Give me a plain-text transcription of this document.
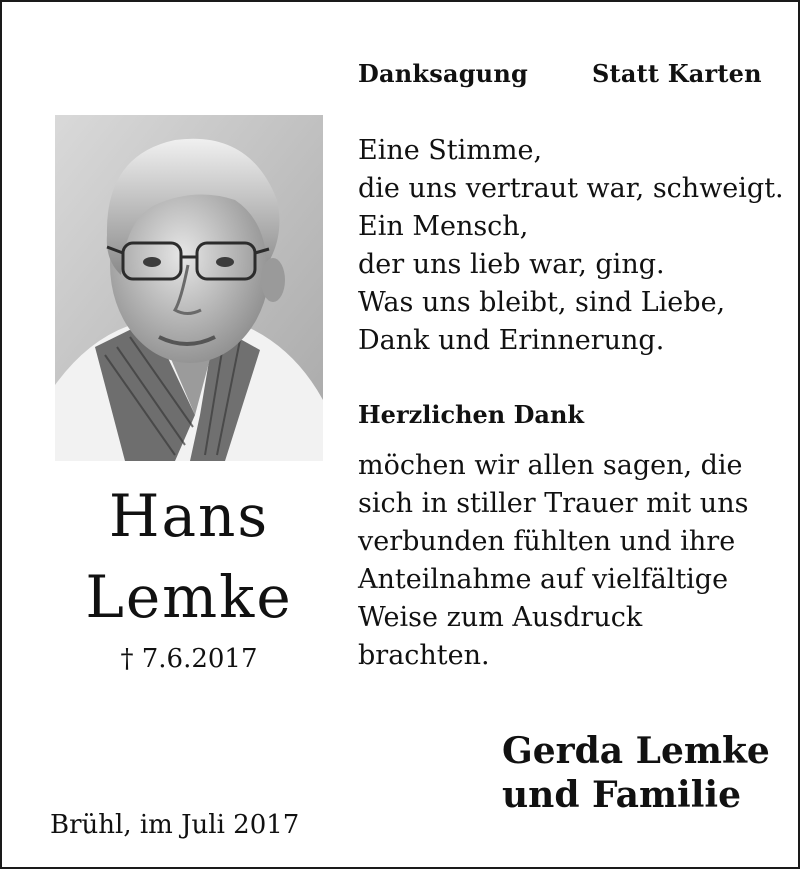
Danksagung	Statt Karten
Eine Stimme,
die uns vertraut war, schweigt.
Ein Mensch,
der uns lieb war, ging.
Was uns bleibt, sind Liebe,
Dank und Erinnerung.
Herzlichen Dank
möchen wir allen sagen, die
sich in stiller Trauer mit uns
verbunden fühlten und ihre
Anteilnahme auf vielfältige
Weise zum Ausdruck
brachten.
Hans
Lemke
† 7.6.2017
Gerda Lemke
und Familie
Brühl, im Juli 2017
